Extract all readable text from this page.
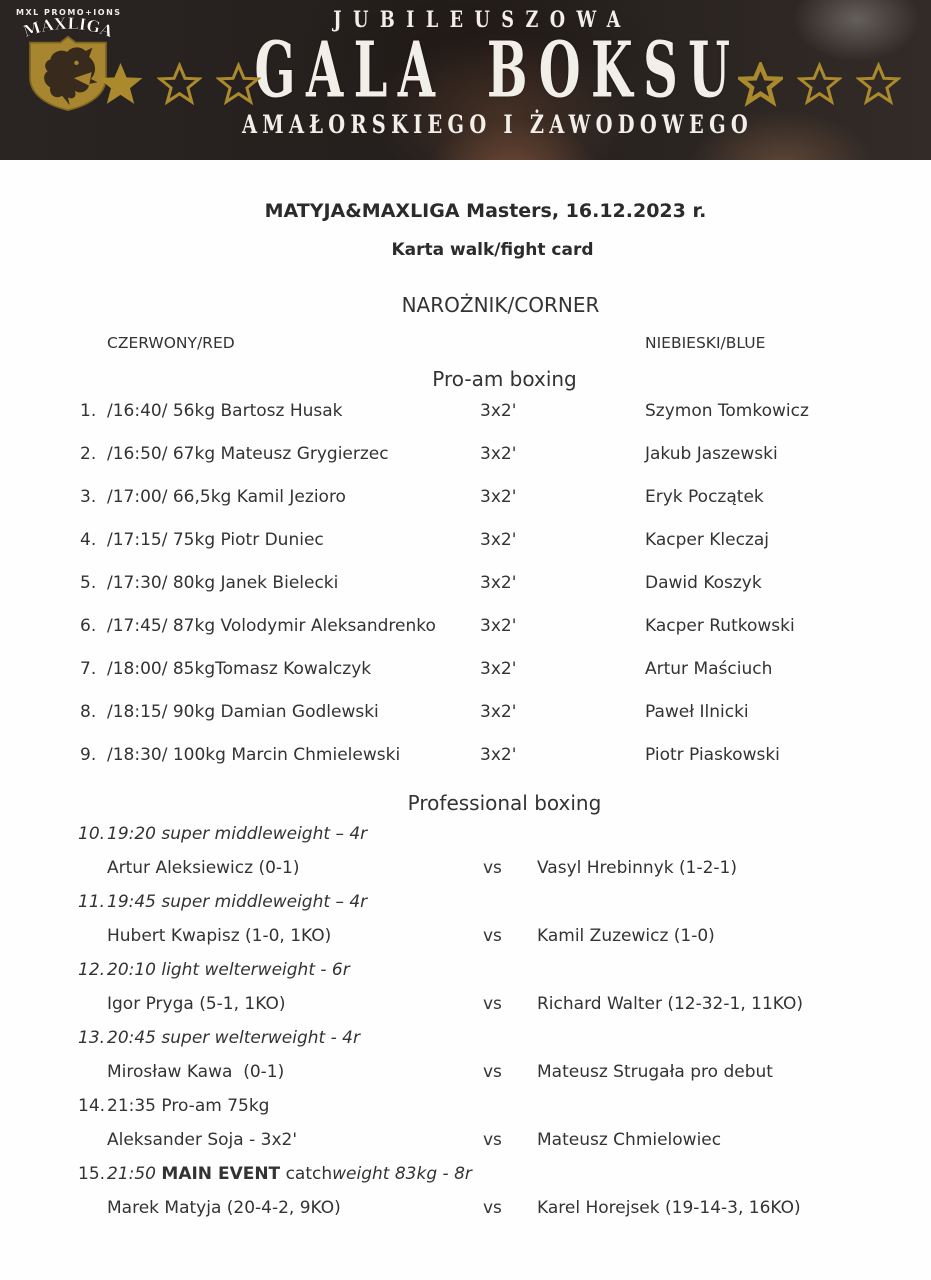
MXL PROMO+IONS
MAXLIGA	JUBILEUSZOWA
GALA BOKSU
AMAŁORSKIEGO I ŻAWODOWEGO
MATYJA&MAXLIGA Masters, 16.12.2023 r.
Karta walk/fight card
NAROŻNIK/CORNER
CZERWONY/RED	NIEBIESKI/BLUE
Pro-am boxing
1. /16:40/ 56kg Bartosz Husak	3x2'	Szymon Tomkowicz
2. /16:50/ 67kg Mateusz Grygierzec	3x2'	Jakub Jaszewski
3. /17:00/ 66,5kg Kamil Jezioro	3x2'	Eryk Początek
4. /17:15/ 75kg Piotr Duniec	3x2'	Kacper Kleczaj
5. /17:30/ 80kg Janek Bielecki	3x2'	Dawid Koszyk
6. /17:45/ 87kg Volodymir Aleksandrenko	3x2'	Kacper Rutkowski
7. /18:00/ 85kgTomasz Kowalczyk	3x2'	Artur Maściuch
8. /18:15/ 90kg Damian Godlewski	3x2'	Paweł Ilnicki
9. /18:30/ 100kg Marcin Chmielewski	3x2'	Piotr Piaskowski
Professional boxing
10. 19:20 super middleweight – 4r
Artur Aleksiewicz (0-1)	vs	Vasyl Hrebinnyk (1-2-1)
11. 19:45 super middleweight – 4r
Hubert Kwapisz (1-0, 1KO)	vs	Kamil Zuzewicz (1-0)
12. 20:10 light welterweight - 6r
Igor Pryga (5-1, 1KO)	vs	Richard Walter (12-32-1, 11KO)
13. 20:45 super welterweight - 4r
Mirosław Kawa  (0-1)	vs	Mateusz Strugała pro debut
14. 21:35 Pro-am 75kg
Aleksander Soja - 3x2'	vs	Mateusz Chmielowiec
15. 21:50 MAIN EVENT catchweight 83kg - 8r
Marek Matyja (20-4-2, 9KO)	vs	Karel Horejsek (19-14-3, 16KO)
